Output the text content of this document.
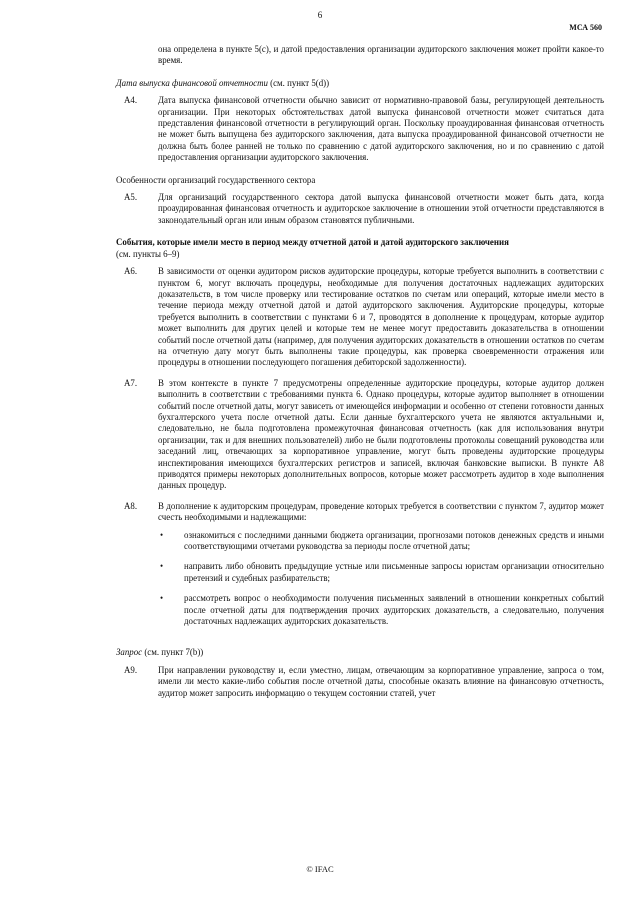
6
МСА 560

она определена в пункте 5(c), и датой предоставления организации аудиторского заключения может пройти какое-то время.

Дата выпуска финансовой отчетности (см. пункт 5(d))

A4.	Дата выпуска финансовой отчетности обычно зависит от нормативно-правовой базы, регулирующей деятельность организации. При некоторых обстоятельствах датой выпуска финансовой отчетности может считаться дата представления финансовой отчетности в регулирующий орган. Поскольку проаудированная финансовая отчетность не может быть выпущена без аудиторского заключения, дата выпуска проаудированной финансовой отчетности не должна быть более ранней не только по сравнению с датой аудиторского заключения, но и по сравнению с датой предоставления организации аудиторского заключения.

Особенности организаций государственного сектора

A5.	Для организаций государственного сектора датой выпуска финансовой отчетности может быть дата, когда проаудированная финансовая отчетность и аудиторское заключение в отношении этой отчетности представляются в законодательный орган или иным образом становятся публичными.

События, которые имели место в период между отчетной датой и датой аудиторского заключения

(см. пункты 6–9)

A6.	В зависимости от оценки аудитором рисков аудиторские процедуры, которые требуется выполнить в соответствии с пунктом 6, могут включать процедуры, необходимые для получения достаточных надлежащих аудиторских доказательств, в том числе проверку или тестирование остатков по счетам или операций, которые имели место в течение периода между отчетной датой и датой аудиторского заключения. Аудиторские процедуры, которые требуется выполнить в соответствии с пунктами 6 и 7, проводятся в дополнение к процедурам, которые аудитор может выполнить для других целей и которые тем не менее могут предоставить доказательства в отношении событий после отчетной даты (например, для получения аудиторских доказательств в отношении остатков по счетам на отчетную дату могут быть выполнены такие процедуры, как проверка своевременности отражения или процедуры в отношении последующего погашения дебиторской задолженности).
A7.	В этом контексте в пункте 7 предусмотрены определенные аудиторские процедуры, которые аудитор должен выполнить в соответствии с требованиями пункта 6. Однако процедуры, которые аудитор выполняет в отношении событий после отчетной даты, могут зависеть от имеющейся информации и особенно от степени готовности данных бухгалтерского учета после отчетной даты. Если данные бухгалтерского учета не являются актуальными и, следовательно, не была подготовлена промежуточная финансовая отчетность (как для использования внутри организации, так и для внешних пользователей) либо не были подготовлены протоколы совещаний руководства или заседаний лиц, отвечающих за корпоративное управление, могут быть проведены аудиторские процедуры инспектирования имеющихся бухгалтерских регистров и записей, включая банковские выписки. В пункте A8 приводятся примеры некоторых дополнительных вопросов, которые может рассмотреть аудитор в ходе выполнения данных процедур.
A8.	В дополнение к аудиторским процедурам, проведение которых требуется в соответствии с пунктом 7, аудитор может счесть необходимыми и надлежащими:
•	ознакомиться с последними данными бюджета организации, прогнозами потоков денежных средств и иными соответствующими отчетами руководства за периоды после отчетной даты;
•	направить либо обновить предыдущие устные или письменные запросы юристам организации относительно претензий и судебных разбирательств;
•	рассмотреть вопрос о необходимости получения письменных заявлений в отношении конкретных событий после отчетной даты для подтверждения прочих аудиторских доказательств, а следовательно, получения достаточных надлежащих аудиторских доказательств.

Запрос (см. пункт 7(b))

A9.	При направлении руководству и, если уместно, лицам, отвечающим за корпоративное управление, запроса о том, имели ли место какие-либо события после отчетной даты, способные оказать влияние на финансовую отчетность, аудитор может запросить информацию о текущем состоянии статей, учет
© IFAC
